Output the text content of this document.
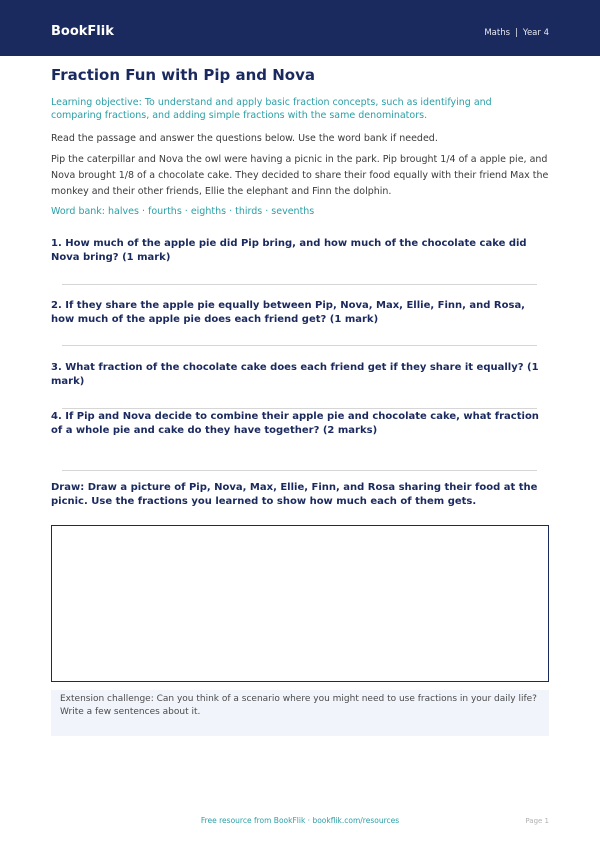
BookFlik	Maths | Year 4
Fraction Fun with Pip and Nova
Learning objective: To understand and apply basic fraction concepts, such as identifying and comparing fractions, and adding simple fractions with the same denominators.
Read the passage and answer the questions below. Use the word bank if needed.
Pip the caterpillar and Nova the owl were having a picnic in the park. Pip brought 1/4 of a apple pie, and Nova brought 1/8 of a chocolate cake. They decided to share their food equally with their friend Max the monkey and their other friends, Ellie the elephant and Finn the dolphin.
Word bank: halves · fourths · eighths · thirds · sevenths
1. How much of the apple pie did Pip bring, and how much of the chocolate cake did Nova bring? (1 mark)
2. If they share the apple pie equally between Pip, Nova, Max, Ellie, Finn, and Rosa, how much of the apple pie does each friend get? (1 mark)
3. What fraction of the chocolate cake does each friend get if they share it equally? (1 mark)
4. If Pip and Nova decide to combine their apple pie and chocolate cake, what fraction of a whole pie and cake do they have together? (2 marks)
Draw: Draw a picture of Pip, Nova, Max, Ellie, Finn, and Rosa sharing their food at the picnic. Use the fractions you learned to show how much each of them gets.
Extension challenge: Can you think of a scenario where you might need to use fractions in your daily life? Write a few sentences about it.
Free resource from BookFlik · bookflik.com/resources	Page 1
